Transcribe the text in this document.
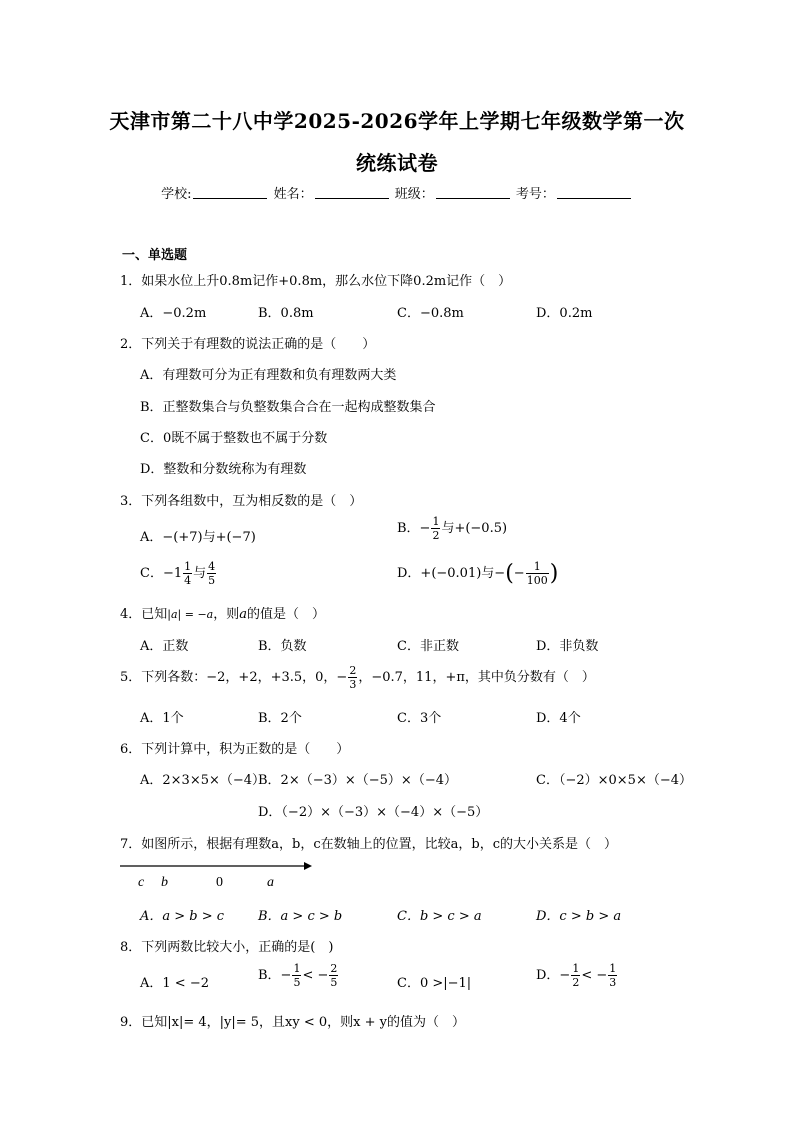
天津市第二十八中学2025-2026学年上学期七年级数学第一次
统练试卷
学校:	姓名：	班级：	考号：
一、单选题
1．如果水位上升0.8m记作+0.8m，那么水位下降0.2m记作（　）
A．−0.2m	B．0.8m	C．−0.8m	D．0.2m
2．下列关于有理数的说法正确的是（　　）
A．有理数可分为正有理数和负有理数两大类
B．正整数集合与负整数集合合在一起构成整数集合
C．0既不属于整数也不属于分数
D．整数和分数统称为有理数
3．下列各组数中，互为相反数的是（　）
A．−(+7)与+(−7)
B．− $\frac{1}{2}$ 与+(−0.5)
C．$-1 \frac{1}{4}$ 与 $\frac{4}{5}$	D．+(−0.01)与−(− $\frac{1}{100}$ )
4．已知|a| = −a，则a的值是（　）
A．正数	B．负数	C．非正数	D．非负数
5．下列各数：−2，+2，+3.5，0，− $\frac{2}{3}$ ，−0.7，11，+π，其中负分数有（　）
A．1个	B．2个	C．3个	D．4个
6．下列计算中，积为正数的是（　　）
A．2×3×5×（−4）
B．2×（−3）×（−5）×（−4）	C．（−2）×0×5×（−4）
D．（−2）×（−3）×（−4）×（−5）
7．如图所示，根据有理数a，b，c在数轴上的位置，比较a，b，c的大小关系是（　）
c b	0	a
A．a > b > c	B．a > c > b	C．b > c > a	D．c > b > a
8．下列两数比较大小，正确的是(　)
A．1 < −2
B．− $\frac{1}{5}$ < − $\frac{2}{5}$	C．0 >|−1|
D．− $\frac{1}{2}$ < − $\frac{1}{3}$
9．已知|x|= 4，|y|= 5，且xy < 0，则x + y的值为（　）
